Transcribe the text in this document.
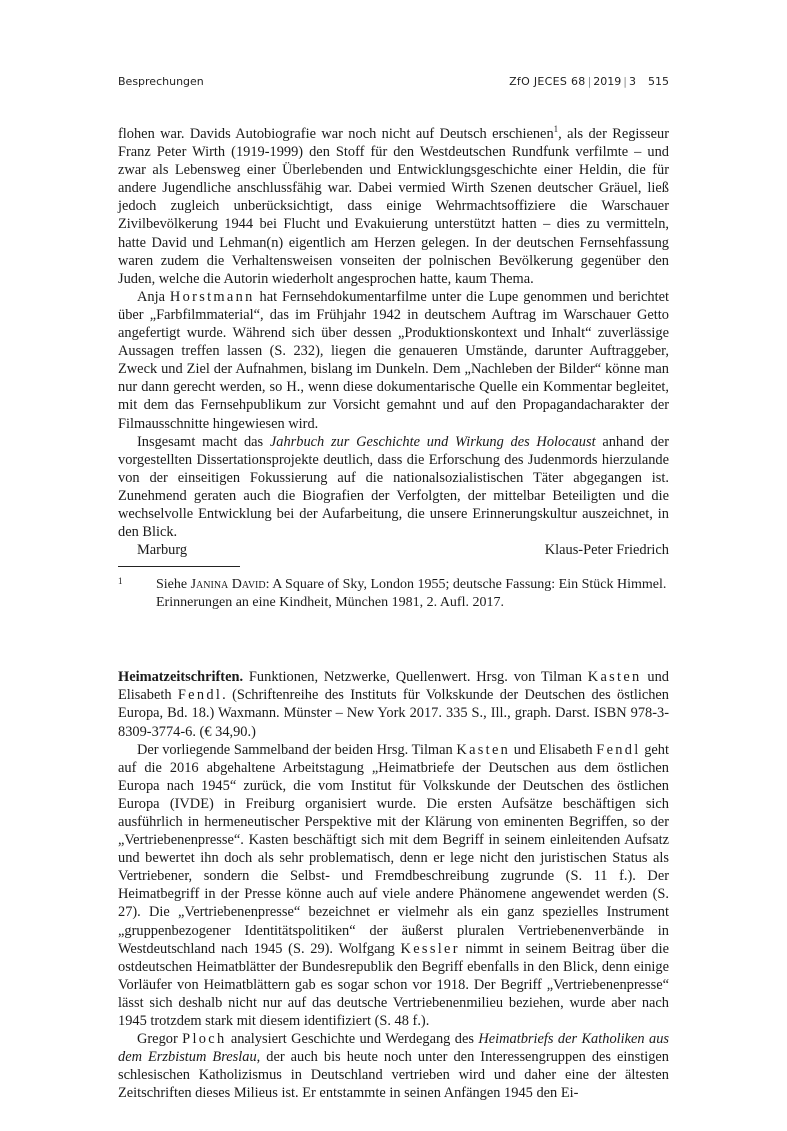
Besprechungen	ZfO JECES 68 | 2019 | 3 515

flohen war. Davids Autobiografie war noch nicht auf Deutsch erschienen$^1$, als der Regisseur Franz Peter Wirth (1919-1999) den Stoff für den Westdeutschen Rundfunk verfilmte – und zwar als Lebensweg einer Überlebenden und Entwicklungsgeschichte einer Heldin, die für andere Jugendliche anschlussfähig war. Dabei vermied Wirth Szenen deutscher Gräuel, ließ jedoch zugleich unberücksichtigt, dass einige Wehrmachtsoffiziere die Warschauer Zivilbevölkerung 1944 bei Flucht und Evakuierung unterstützt hatten – dies zu vermitteln, hatte David und Lehman(n) eigentlich am Herzen gelegen. In der deutschen Fernsehfassung waren zudem die Verhaltensweisen vonseiten der polnischen Bevölkerung gegenüber den Juden, welche die Autorin wiederholt angesprochen hatte, kaum Thema.

Anja Horstmann hat Fernsehdokumentarfilme unter die Lupe genommen und berichtet über „Farbfilmmaterial“, das im Frühjahr 1942 in deutschem Auftrag im Warschauer Getto angefertigt wurde. Während sich über dessen „Produktionskontext und Inhalt“ zuverlässige Aussagen treffen lassen (S. 232), liegen die genaueren Umstände, darunter Auftraggeber, Zweck und Ziel der Aufnahmen, bislang im Dunkeln. Dem „Nachleben der Bilder“ könne man nur dann gerecht werden, so H., wenn diese dokumentarische Quelle ein Kommentar begleitet, mit dem das Fernsehpublikum zur Vorsicht gemahnt und auf den Propagandacharakter der Filmausschnitte hingewiesen wird.

Insgesamt macht das Jahrbuch zur Geschichte und Wirkung des Holocaust anhand der vorgestellten Dissertationsprojekte deutlich, dass die Erforschung des Judenmords hierzulande von der einseitigen Fokussierung auf die nationalsozialistischen Täter abgegangen ist. Zunehmend geraten auch die Biografien der Verfolgten, der mittelbar Beteiligten und die wechselvolle Entwicklung bei der Aufarbeitung, die unsere Erinnerungskultur auszeichnet, in den Blick.

Marburg	Klaus-Peter Friedrich
1 Siehe Janina David: A Square of Sky, London 1955; deutsche Fassung: Ein Stück Himmel. Erinnerungen an eine Kindheit, München 1981, 2. Aufl. 2017.

Heimatzeitschriften. Funktionen, Netzwerke, Quellenwert. Hrsg. von Tilman Kasten und Elisabeth Fendl. (Schriftenreihe des Instituts für Volkskunde der Deutschen des östlichen Europa, Bd. 18.) Waxmann. Münster – New York 2017. 335 S., Ill., graph. Darst. ISBN 978-3-8309-3774-6. (€ 34,90.)

Der vorliegende Sammelband der beiden Hrsg. Tilman Kasten und Elisabeth Fendl geht auf die 2016 abgehaltene Arbeitstagung „Heimatbriefe der Deutschen aus dem östlichen Europa nach 1945“ zurück, die vom Institut für Volkskunde der Deutschen des östlichen Europa (IVDE) in Freiburg organisiert wurde. Die ersten Aufsätze beschäftigen sich ausführlich in hermeneutischer Perspektive mit der Klärung von eminenten Begriffen, so der „Vertriebenenpresse“. Kasten beschäftigt sich mit dem Begriff in seinem einleitenden Aufsatz und bewertet ihn doch als sehr problematisch, denn er lege nicht den juristischen Status als Vertriebener, sondern die Selbst- und Fremdbeschreibung zugrunde (S. 11 f.). Der Heimatbegriff in der Presse könne auch auf viele andere Phänomene angewendet werden (S. 27). Die „Vertriebenenpresse“ bezeichnet er vielmehr als ein ganz spezielles Instrument „gruppenbezogener Identitätspolitiken“ der äußerst pluralen Vertriebenenverbände in Westdeutschland nach 1945 (S. 29). Wolfgang Kessler nimmt in seinem Beitrag über die ostdeutschen Heimatblätter der Bundesrepublik den Begriff ebenfalls in den Blick, denn einige Vorläufer von Heimatblättern gab es sogar schon vor 1918. Der Begriff „Vertriebenenpresse“ lässt sich deshalb nicht nur auf das deutsche Vertriebenenmilieu beziehen, wurde aber nach 1945 trotzdem stark mit diesem identifiziert (S. 48 f.).

Gregor Ploch analysiert Geschichte und Werdegang des Heimatbriefs der Katholiken aus dem Erzbistum Breslau, der auch bis heute noch unter den Interessengruppen des einstigen schlesischen Katholizismus in Deutschland vertrieben wird und daher eine der ältesten Zeitschriften dieses Milieus ist. Er entstammte in seinen Anfängen 1945 den Ei-
